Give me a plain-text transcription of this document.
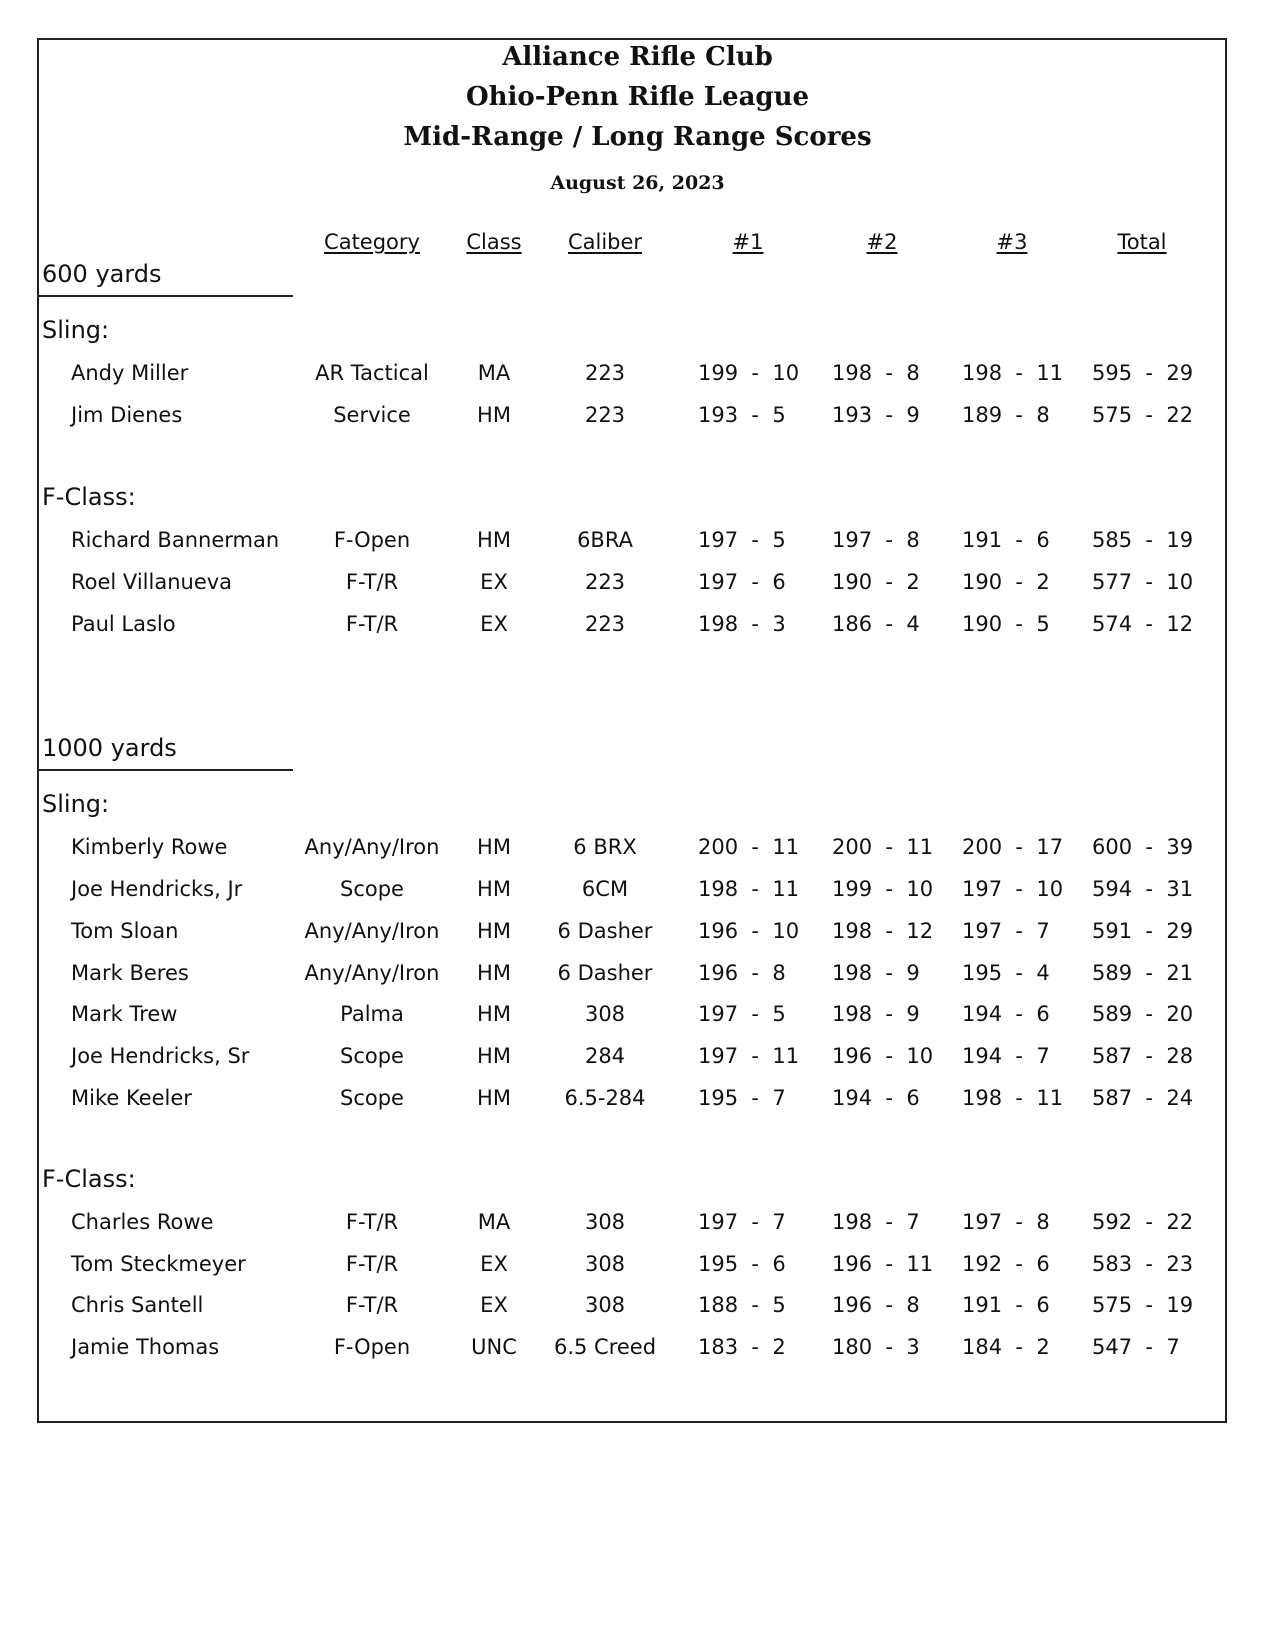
Alliance Rifle Club
Ohio-Penn Rifle League
Mid-Range / Long Range Scores
August 26, 2023
Category Class Caliber	#1	#2	#3	Total
600 yards
Sling:
Andy Miller	AR Tactical MA	223	199  -  10 198  -  8 198  -  11 595  -  29
Jim Dienes	Service	HM	223	193  -  5 193  -  9 189  -  8 575  -  22
F-Class:
Richard Bannerman	F-Open	HM	6BRA	197  -  5 197  -  8 191  -  6 585  -  19
Roel Villanueva	F-T/R	EX	223	197  -  6 190  -  2 190  -  2 577  -  10
Paul Laslo	F-T/R	EX	223	198  -  3 186  -  4 190  -  5 574  -  12
1000 yards
Sling:
Kimberly Rowe	Any/Any/Iron HM	6 BRX	200  -  11 200  -  11 200  -  17 600  -  39
Joe Hendricks, Jr	Scope	HM	6CM	198  -  11 199  -  10 197  -  10 594  -  31
Tom Sloan	Any/Any/Iron HM 6 Dasher 196  -  10 198  -  12 197  -  7 591  -  29
Mark Beres	Any/Any/Iron HM 6 Dasher 196  -  8 198  -  9 195  -  4 589  -  21
Mark Trew	Palma	HM	308	197  -  5 198  -  9 194  -  6 589  -  20
Joe Hendricks, Sr	Scope	HM	284	197  -  11 196  -  10 194  -  7 587  -  28
Mike Keeler	Scope	HM	6.5-284 195  -  7 194  -  6 198  -  11 587  -  24
F-Class:
Charles Rowe	F-T/R	MA	308	197  -  7 198  -  7 197  -  8 592  -  22
Tom Steckmeyer	F-T/R	EX	308	195  -  6 196  -  11 192  -  6 583  -  23
Chris Santell	F-T/R	EX	308	188  -  5 196  -  8 191  -  6 575  -  19
Jamie Thomas	F-Open	UNC 6.5 Creed 183  -  2 180  -  3 184  -  2 547  -  7
